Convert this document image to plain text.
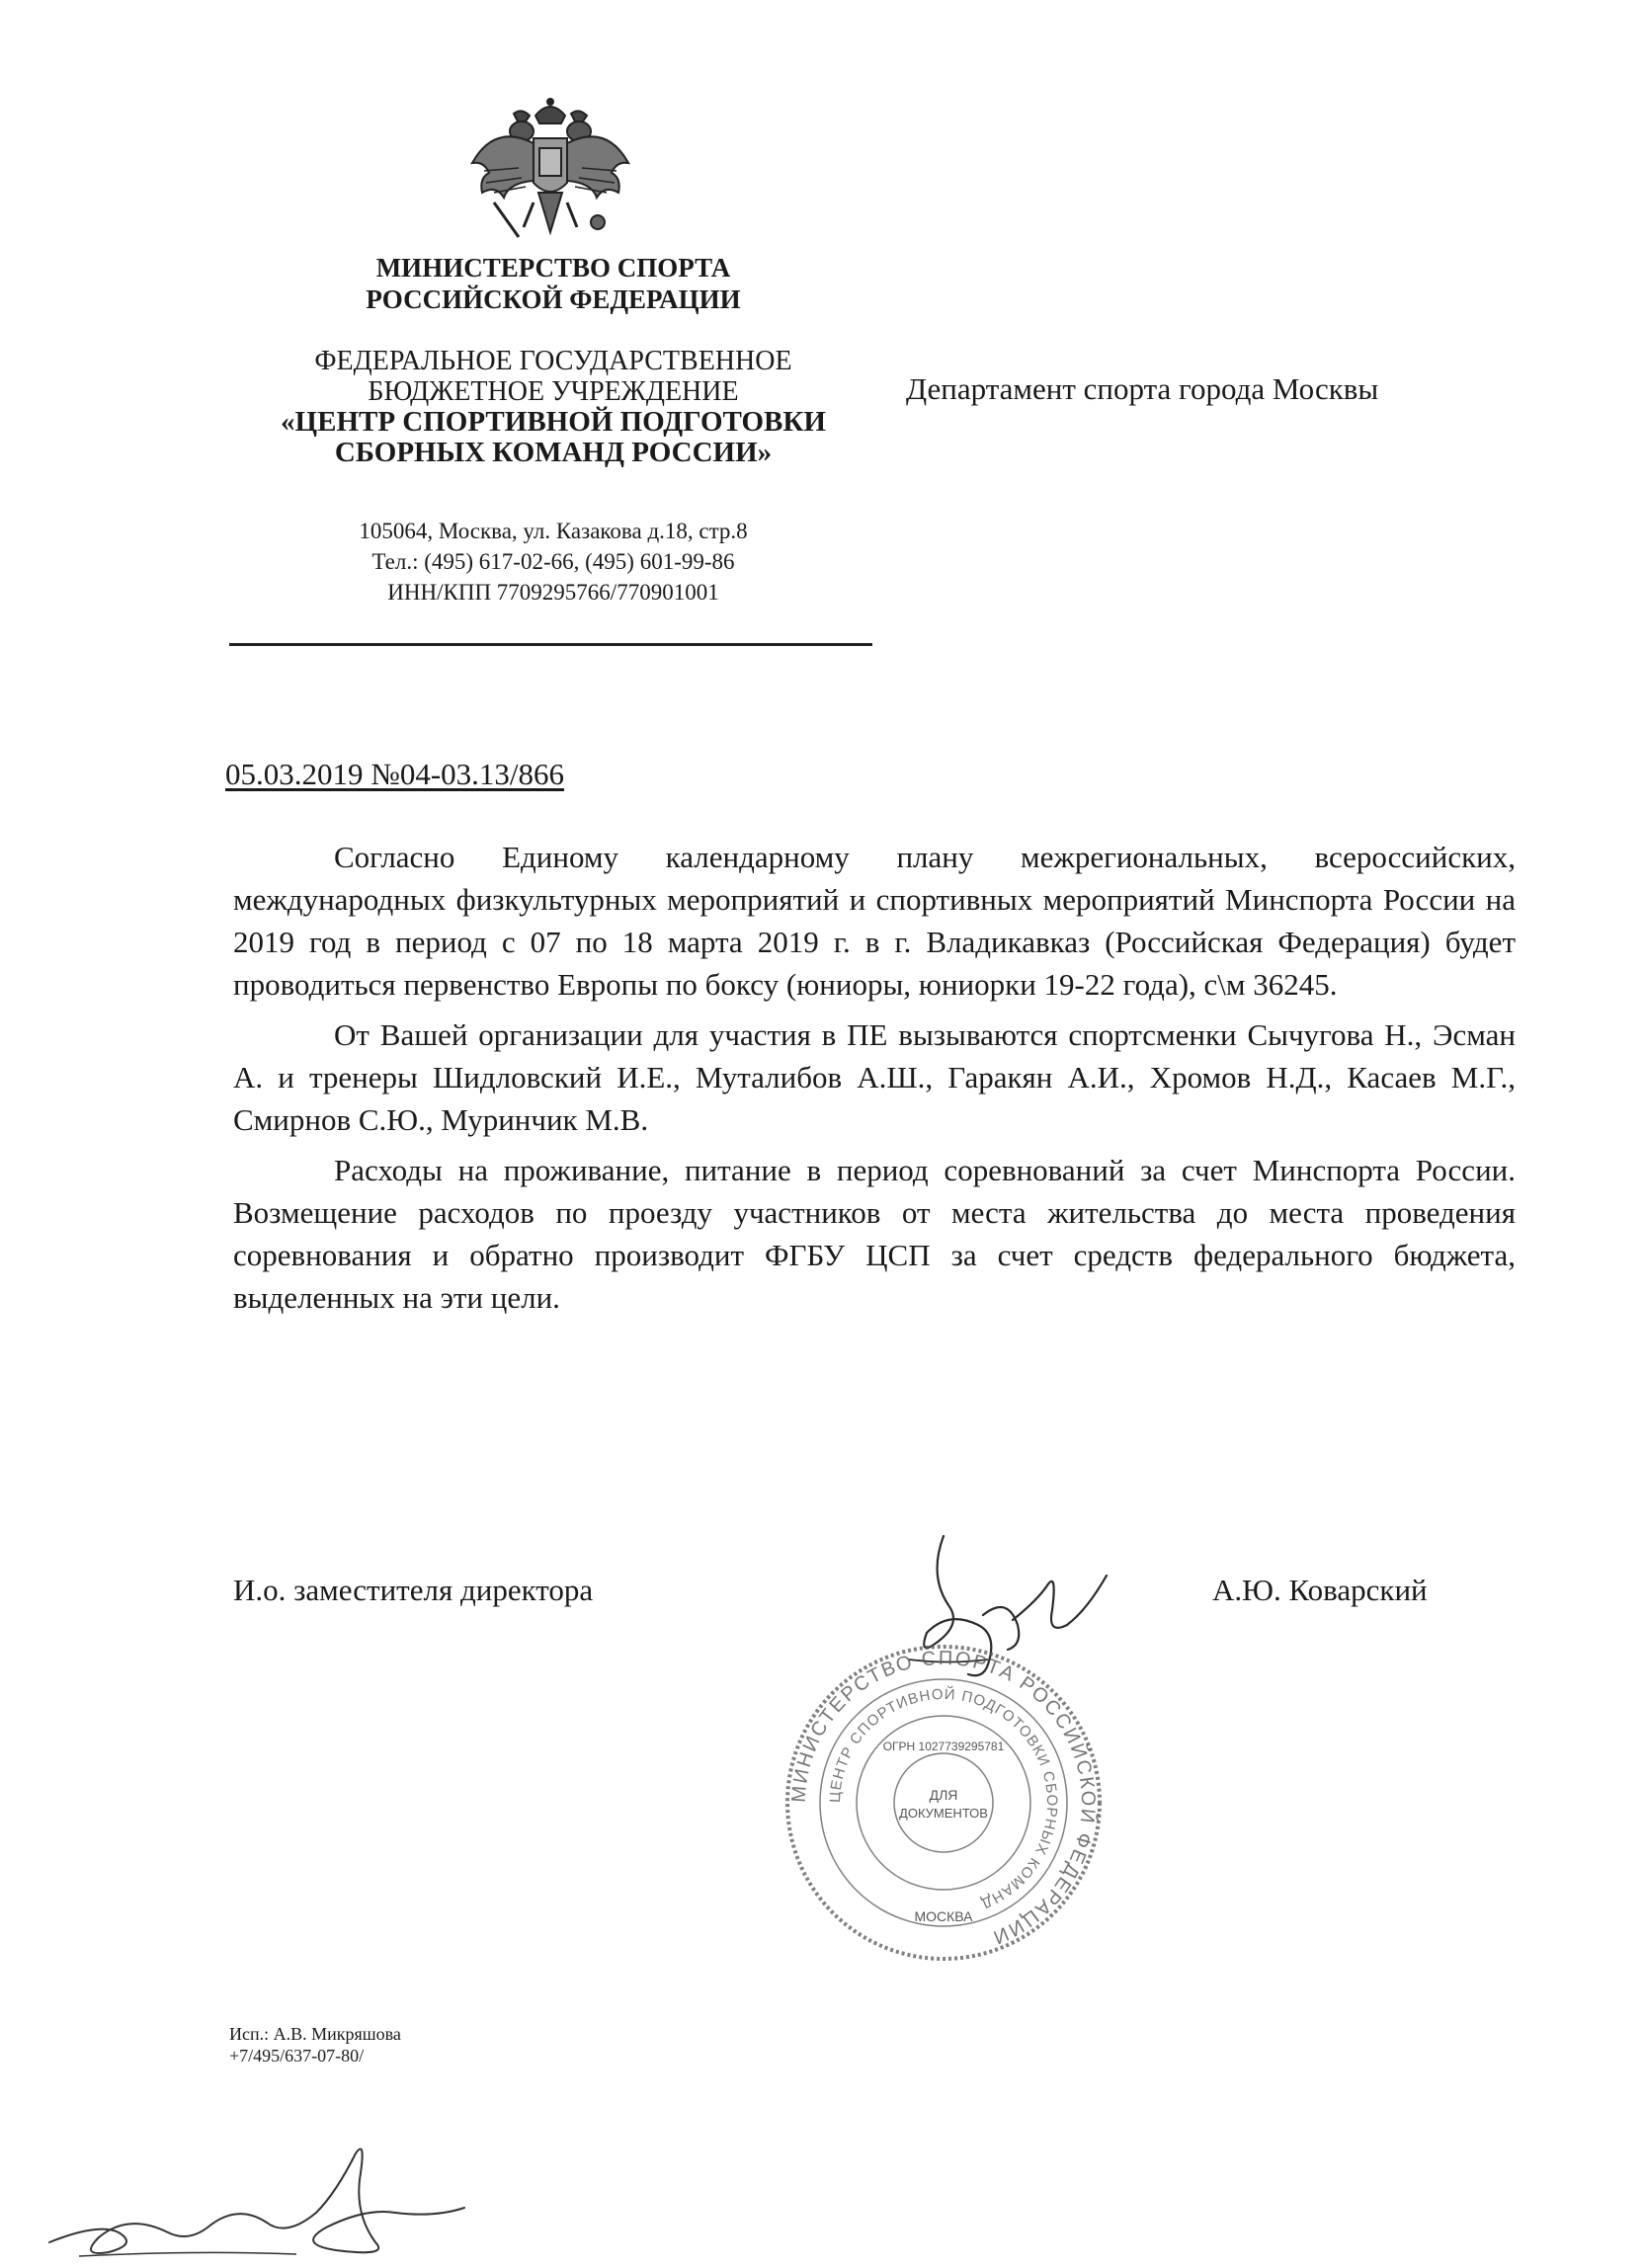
МИНИСТЕРСТВО СПОРТА
РОССИЙСКОЙ ФЕДЕРАЦИИ
ФЕДЕРАЛЬНОЕ ГОСУДАРСТВЕННОЕ
БЮДЖЕТНОЕ УЧРЕЖДЕНИЕ
«ЦЕНТР СПОРТИВНОЙ ПОДГОТОВКИ
СБОРНЫХ КОМАНД РОССИИ»
105064, Москва, ул. Казакова д.18, стр.8
Тел.: (495) 617-02-66, (495) 601-99-86
ИНН/КПП 7709295766/770901001
Департамент спорта города Москвы
05.03.2019 №04-03.13/866

Согласно Единому календарному плану межрегиональных, всероссийских, международных физкультурных мероприятий и спортивных мероприятий Минспорта России на 2019 год в период с 07 по 18 марта 2019 г. в г. Владикавказ (Российская Федерация) будет проводиться первенство Европы по боксу (юниоры, юниорки 19-22 года), с\м 36245.

От Вашей организации для участия в ПЕ вызываются спортсменки Сычугова Н., Эсман А. и тренеры Шидловский И.Е., Муталибов А.Ш., Гаракян А.И., Хромов Н.Д., Касаев М.Г., Смирнов С.Ю., Муринчик М.В.

Расходы на проживание, питание в период соревнований за счет Минспорта России. Возмещение расходов по проезду участников от места жительства до места проведения соревнования и обратно производит ФГБУ ЦСП за счет средств федерального бюджета, выделенных на эти цели.

И.о. заместителя директора	А.Ю. Коварский
МИНИСТЕРСТВО СПОРТА РОССИЙСКОЙ ФЕДЕРАЦИИ
ЦЕНТР СПОРТИВНОЙ ПОДГОТОВКИ СБОРНЫХ КОМАНД
ДЛЯ
ДОКУМЕНТОВ
МОСКВА
ОГРН 1027739295781
Исп.: А.В. Микряшова
+7/495/637-07-80/
